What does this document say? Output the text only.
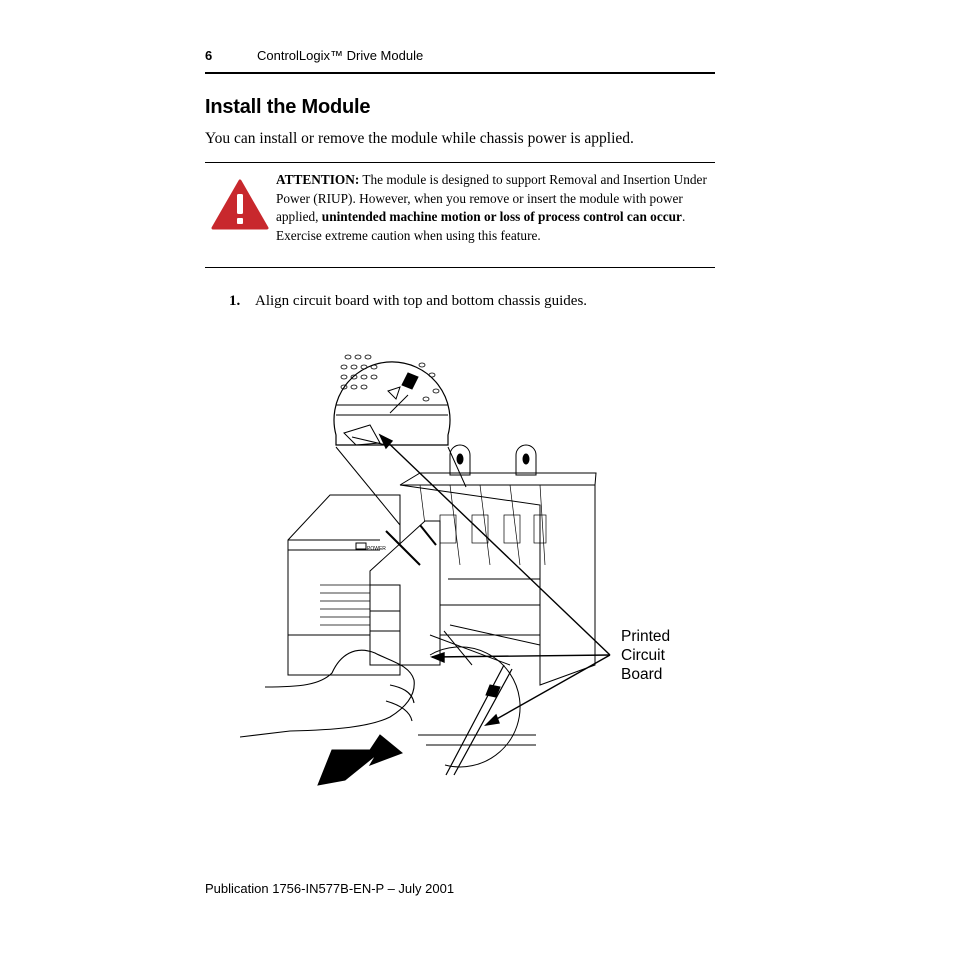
6	ControlLogix™ Drive Module
Install the Module
You can install or remove the module while chassis power is applied.
ATTENTION: The module is designed to support Removal and Insertion Under Power (RIUP). However, when you remove or insert the module with power applied, unintended machine motion or loss of process control can occur. Exercise extreme caution when using this feature.
1. Align circuit board with top and bottom chassis guides.
Printed
Circuit
Board
POWER
Publication 1756-IN577B-EN-P – July 2001
